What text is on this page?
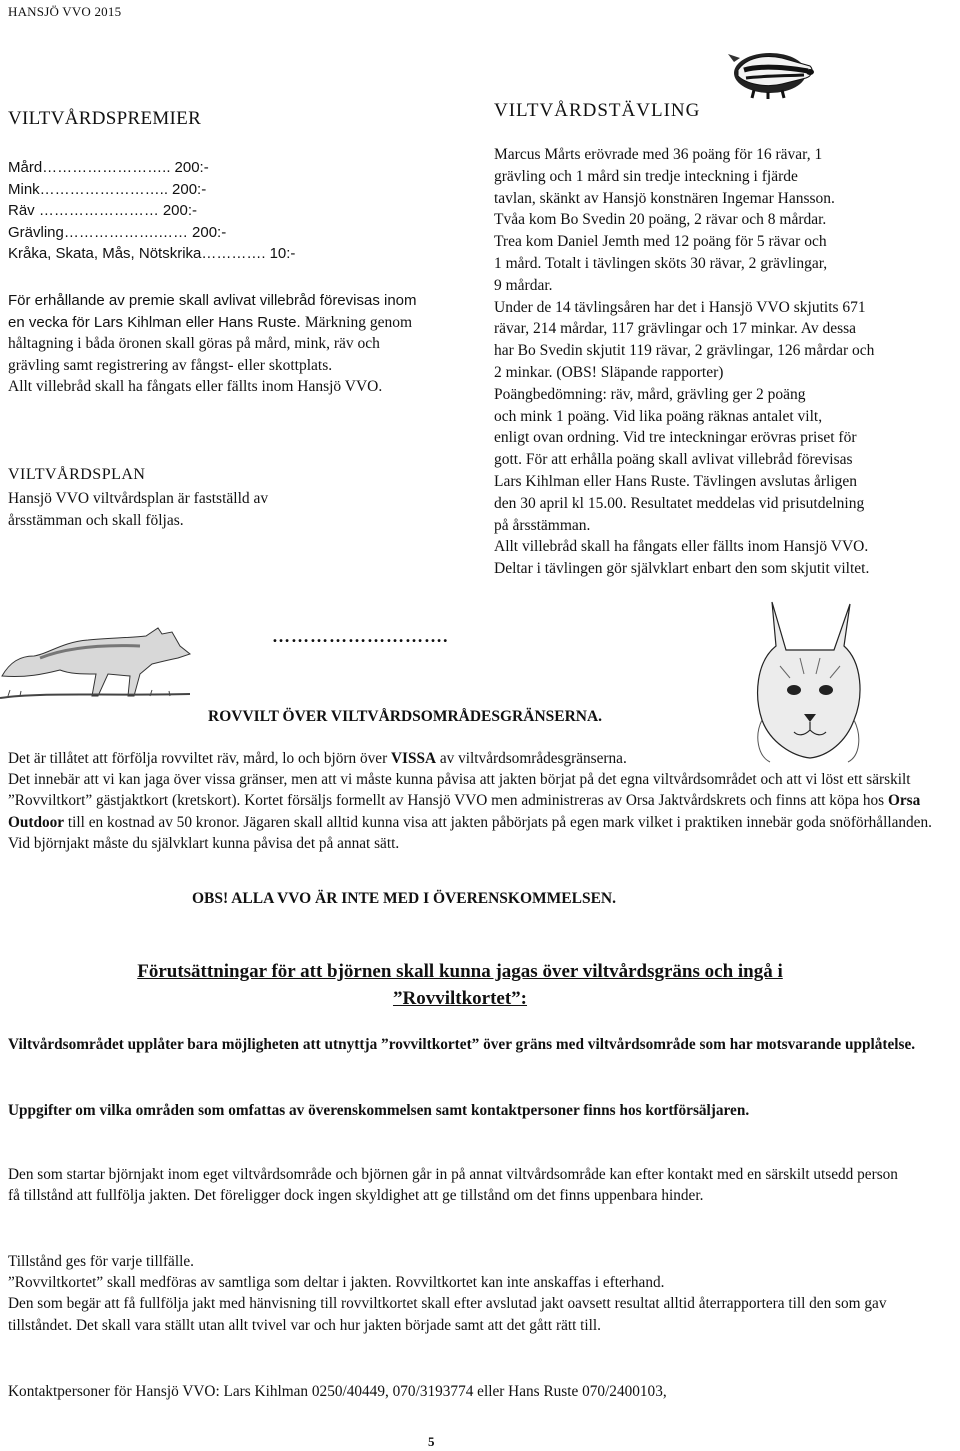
HANSJÖ VVO 2015
VILTVÅRDSPREMIER
Mård…………………….. 200:-
Mink…………………….. 200:-
Räv …………………… 200:-
Grävling……………….…… 200:-
Kråka, Skata, Mås, Nötskrika…………. 10:-

För erhållande av premie skall avlivat villebråd förevisas inom en vecka för Lars Kihlman eller Hans Ruste. Märkning genom håltagning i båda öronen skall göras på mård, mink, räv och grävling samt registrering av fångst- eller skottplats.

Allt villebråd skall ha fångats eller fällts inom Hansjö VVO.

VILTVÅRDSPLAN
Hansjö VVO viltvårdsplan är fastställd av årsstämman och skall följas.
VILTVÅRDSTÄVLING
Marcus Mårts erövrade med 36 poäng för 16 rävar, 1
grävling och 1 mård sin tredje inteckning i fjärde
tavlan, skänkt av Hansjö konstnären Ingemar Hansson.
Tvåa kom Bo Svedin 20 poäng, 2 rävar och 8 mårdar.
Trea kom Daniel Jemth med 12 poäng för 5 rävar och
1 mård. Totalt i tävlingen sköts 30 rävar, 2 grävlingar,
9 mårdar.
Under de 14 tävlingsåren har det i Hansjö VVO skjutits 671
rävar, 214 mårdar, 117 grävlingar och 17 minkar. Av dessa
har Bo Svedin skjutit 119 rävar, 2 grävlingar, 126 mårdar och
2 minkar. (OBS! Släpande rapporter)
Poängbedömning: räv, mård, grävling ger 2 poäng
och mink 1 poäng. Vid lika poäng räknas antalet vilt,
enligt ovan ordning. Vid tre inteckningar erövras priset för
gott. För att erhålla poäng skall avlivat villebråd förevisas
Lars Kihlman eller Hans Ruste. Tävlingen avslutas årligen
den 30 april kl 15.00. Resultatet meddelas vid prisutdelning
på årsstämman.
Allt villebråd skall ha fångats eller fällts inom Hansjö VVO.
Deltar i tävlingen gör självklart enbart den som skjutit viltet.
……………………….
ROVVILT ÖVER VILTVÅRDSOMRÅDESGRÄNSERNA.

Det är tillåtet att förfölja rovviltet räv, mård, lo och björn över VISSA av viltvårdsområdesgränserna.

Det innebär att vi kan jaga över vissa gränser, men att vi måste kunna påvisa att jakten börjat på det egna viltvårdsområdet och att vi löst ett särskilt ”Rovviltkort” gästjaktkort (kretskort). Kortet försäljs formellt av Hansjö VVO men administreras av Orsa Jaktvårdskrets och finns att köpa hos Orsa Outdoor till en kostnad av 50 kronor. Jägaren skall alltid kunna visa att jakten påbörjats på egen mark vilket i praktiken innebär goda snöförhållanden. Vid björnjakt måste du självklart kunna påvisa det på annat sätt.

OBS! ALLA VVO ÄR INTE MED I ÖVERENSKOMMELSEN.
Förutsättningar för att björnen skall kunna jagas över viltvårdsgräns och ingå i
”Rovviltkortet”:
Viltvårdsområdet upplåter bara möjligheten att utnyttja ”rovviltkortet” över gräns med viltvårdsområde som har motsvarande upplåtelse.
Uppgifter om vilka områden som omfattas av överenskommelsen samt kontaktpersoner finns hos kortförsäljaren.
Den som startar björnjakt inom eget viltvårdsområde och björnen går in på annat viltvårdsområde kan efter kontakt med en särskilt utsedd person få tillstånd att fullfölja jakten. Det föreligger dock ingen skyldighet att ge tillstånd om det finns uppenbara hinder.

Tillstånd ges för varje tillfälle.

”Rovviltkortet” skall medföras av samtliga som deltar i jakten. Rovviltkortet kan inte anskaffas i efterhand.

Den som begär att få fullfölja jakt med hänvisning till rovviltkortet skall efter avslutad jakt oavsett resultat alltid återrapportera till den som gav tillståndet. Det skall vara ställt utan allt tvivel var och hur jakten började samt att det gått rätt till.

Kontaktpersoner för Hansjö VVO: Lars Kihlman 0250/40449, 070/3193774 eller Hans Ruste 070/2400103,
5
